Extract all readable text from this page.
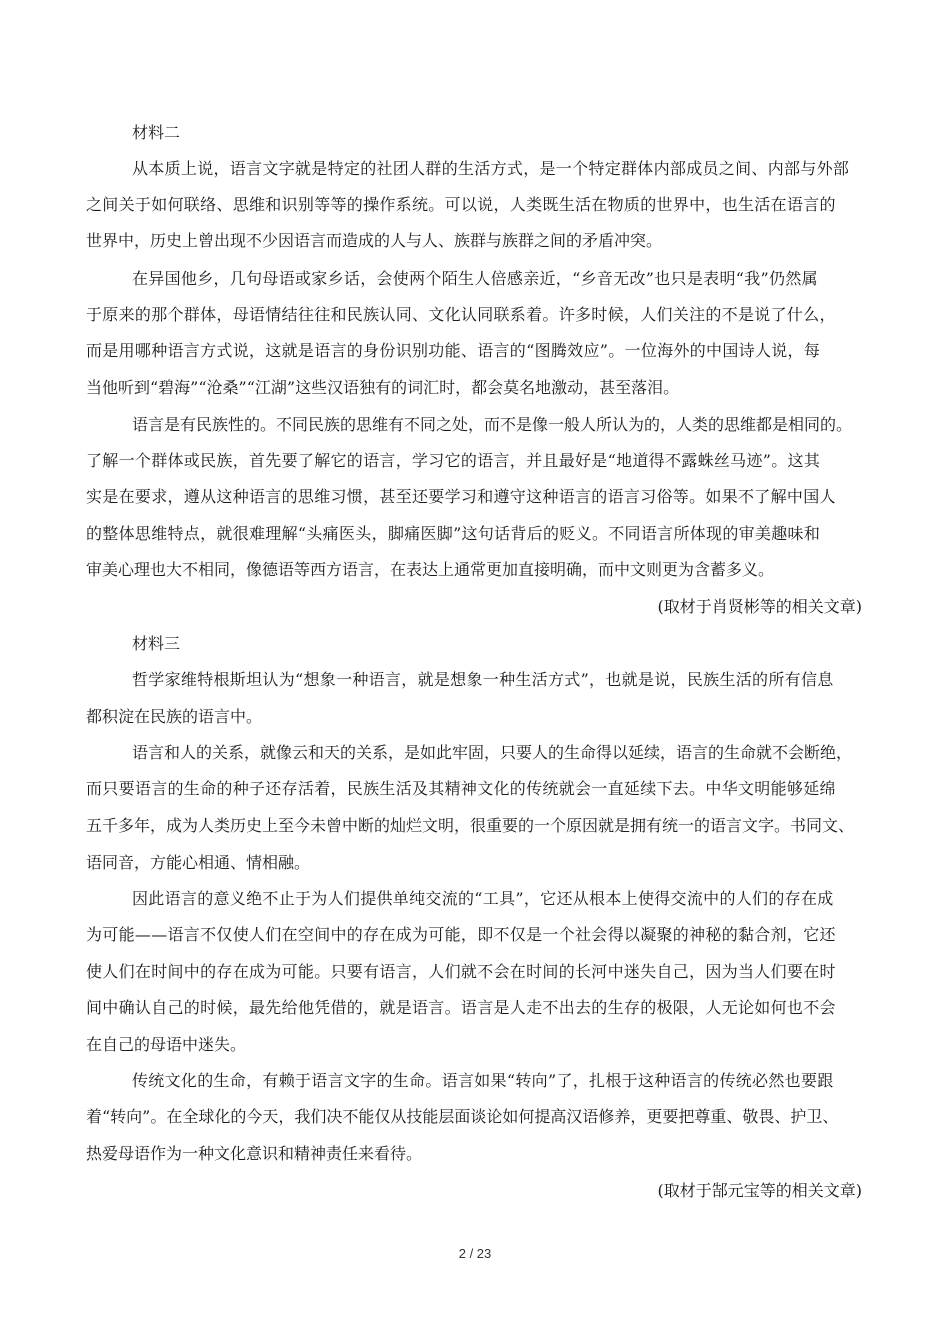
材料二
从本质上说，语言文字就是特定的社团人群的生活方式，是一个特定群体内部成员之间、内部与外部
之间关于如何联络、思维和识别等等的操作系统。可以说，人类既生活在物质的世界中，也生活在语言的
世界中，历史上曾出现不少因语言而造成的人与人、族群与族群之间的矛盾冲突。
在异国他乡，几句母语或家乡话，会使两个陌生人倍感亲近，“乡音无改”也只是表明“我”仍然属
于原来的那个群体，母语情结往往和民族认同、文化认同联系着。许多时候，人们关注的不是说了什么，
而是用哪种语言方式说，这就是语言的身份识别功能、语言的“图腾效应”。一位海外的中国诗人说，每
当他听到“碧海”“沧桑”“江湖”这些汉语独有的词汇时，都会莫名地激动，甚至落泪。
语言是有民族性的。不同民族的思维有不同之处，而不是像一般人所认为的，人类的思维都是相同的。
了解一个群体或民族，首先要了解它的语言，学习它的语言，并且最好是“地道得不露蛛丝马迹”。这其
实是在要求，遵从这种语言的思维习惯，甚至还要学习和遵守这种语言的语言习俗等。如果不了解中国人
的整体思维特点，就很难理解“头痛医头，脚痛医脚”这句话背后的贬义。不同语言所体现的审美趣味和
审美心理也大不相同，像德语等西方语言，在表达上通常更加直接明确，而中文则更为含蓄多义。
(取材于肖贤彬等的相关文章)
材料三
哲学家维特根斯坦认为“想象一种语言，就是想象一种生活方式”，也就是说，民族生活的所有信息
都积淀在民族的语言中。
语言和人的关系，就像云和天的关系，是如此牢固，只要人的生命得以延续，语言的生命就不会断绝，
而只要语言的生命的种子还存活着，民族生活及其精神文化的传统就会一直延续下去。中华文明能够延绵
五千多年，成为人类历史上至今未曾中断的灿烂文明，很重要的一个原因就是拥有统一的语言文字。书同文、
语同音，方能心相通、情相融。
因此语言的意义绝不止于为人们提供单纯交流的“工具”，它还从根本上使得交流中的人们的存在成
为可能——语言不仅使人们在空间中的存在成为可能，即不仅是一个社会得以凝聚的神秘的黏合剂，它还
使人们在时间中的存在成为可能。只要有语言，人们就不会在时间的长河中迷失自己，因为当人们要在时
间中确认自己的时候，最先给他凭借的，就是语言。语言是人走不出去的生存的极限，人无论如何也不会
在自己的母语中迷失。
传统文化的生命，有赖于语言文字的生命。语言如果“转向”了，扎根于这种语言的传统必然也要跟
着“转向”。在全球化的今天，我们决不能仅从技能层面谈论如何提高汉语修养，更要把尊重、敬畏、护卫、
热爱母语作为一种文化意识和精神责任来看待。
(取材于郜元宝等的相关文章)
2 / 23
